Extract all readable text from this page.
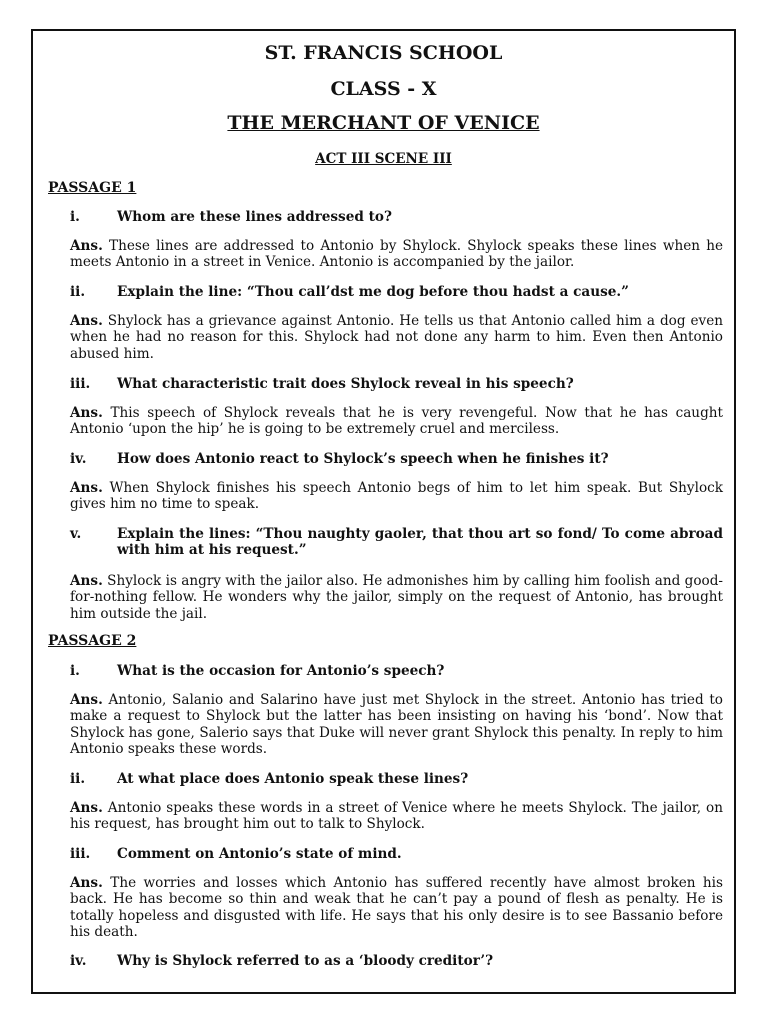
ST. FRANCIS SCHOOL
CLASS - X
THE MERCHANT OF VENICE
ACT III SCENE III
PASSAGE 1
i.	Whom are these lines addressed to?
Ans. These lines are addressed to Antonio by Shylock. Shylock speaks these lines when he meets Antonio in a street in Venice. Antonio is accompanied by the jailor.
ii. Explain the line: “Thou call’dst me dog before thou hadst a cause.”
Ans. Shylock has a grievance against Antonio. He tells us that Antonio called him a dog even when he had no reason for this. Shylock had not done any harm to him. Even then Antonio abused him.
iii. What characteristic trait does Shylock reveal in his speech?
Ans. This speech of Shylock reveals that he is very revengeful. Now that he has caught Antonio ‘upon the hip’ he is going to be extremely cruel and merciless.
iv. How does Antonio react to Shylock’s speech when he finishes it?
Ans. When Shylock finishes his speech Antonio begs of him to let him speak. But Shylock gives him no time to speak.
v.	Explain the lines: “Thou naughty gaoler, that thou art so fond/ To come abroad with him at his request.”
Ans. Shylock is angry with the jailor also. He admonishes him by calling him foolish and good-for-nothing fellow. He wonders why the jailor, simply on the request of Antonio, has brought him outside the jail.
PASSAGE 2
i.	What is the occasion for Antonio’s speech?
Ans. Antonio, Salanio and Salarino have just met Shylock in the street. Antonio has tried to make a request to Shylock but the latter has been insisting on having his ‘bond’. Now that Shylock has gone, Salerio says that Duke will never grant Shylock this penalty. In reply to him Antonio speaks these words.
ii. At what place does Antonio speak these lines?
Ans. Antonio speaks these words in a street of Venice where he meets Shylock. The jailor, on his request, has brought him out to talk to Shylock.
iii. Comment on Antonio’s state of mind.
Ans. The worries and losses which Antonio has suffered recently have almost broken his back. He has become so thin and weak that he can’t pay a pound of flesh as penalty. He is totally hopeless and disgusted with life. He says that his only desire is to see Bassanio before his death.
iv. Why is Shylock referred to as a ‘bloody creditor’?
